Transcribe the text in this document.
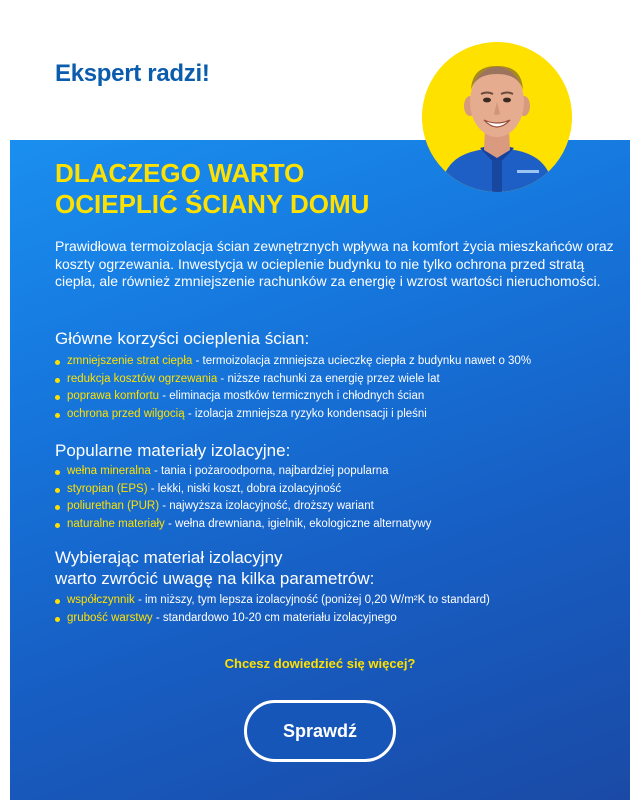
Ekspert radzi!
DLACZEGO WARTO
OCIEPLIĆ ŚCIANY DOMU

Prawidłowa termoizolacja ścian zewnętrznych wpływa na komfort życia mieszkańców oraz koszty ogrzewania. Inwestycja w ocieplenie budynku to nie tylko ochrona przed stratą ciepła, ale również zmniejszenie rachunków za energię i wzrost wartości nieruchomości.

Główne korzyści ocieplenia ścian:
zmniejszenie strat ciepła - termoizolacja zmniejsza ucieczkę ciepła z budynku nawet o 30%
redukcja kosztów ogrzewania - niższe rachunki za energię przez wiele lat
poprawa komfortu - eliminacja mostków termicznych i chłodnych ścian
ochrona przed wilgocią - izolacja zmniejsza ryzyko kondensacji i pleśni
Popularne materiały izolacyjne:
wełna mineralna - tania i pożaroodporna, najbardziej popularna
styropian (EPS) - lekki, niski koszt, dobra izolacyjność
poliurethan (PUR) - najwyższa izolacyjność, droższy wariant
naturalne materiały - wełna drewniana, igielnik, ekologiczne alternatywy
Wybierając materiał izolacyjny
warto zwrócić uwagę na kilka parametrów:
współczynnik - im niższy, tym lepsza izolacyjność (poniżej 0,20 W/m²K to standard)
grubość warstwy - standardowo 10-20 cm materiału izolacyjnego
Chcesz dowiedzieć się więcej?
Sprawdź
